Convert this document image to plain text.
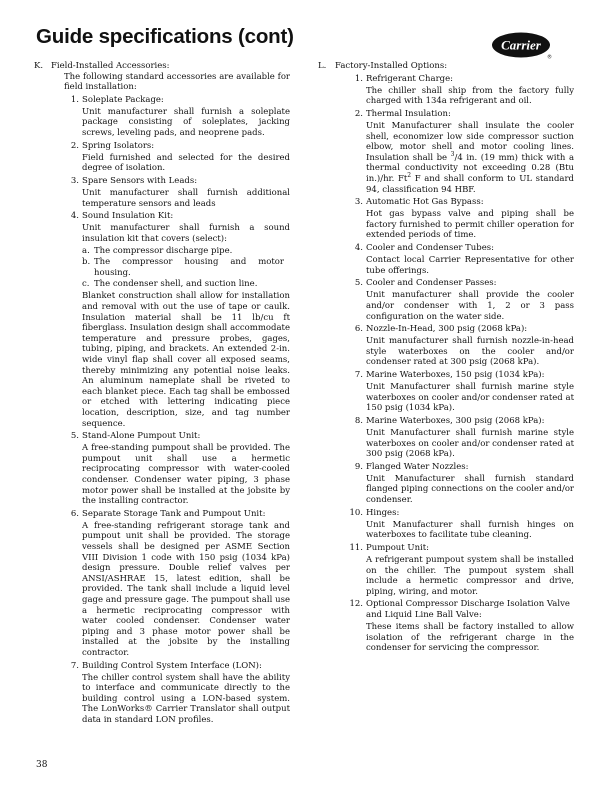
Guide specifications (cont)	Carrier
®
K. Field-Installed Accessories:
The following standard accessories are available for field installation:
1. Soleplate Package:
Unit manufacturer shall furnish a soleplate package consisting of soleplates, jacking screws, leveling pads, and neoprene pads.
2. Spring Isolators:
Field furnished and selected for the desired degree of isolation.
3. Spare Sensors with Leads:
Unit manufacturer shall furnish additional temperature sensors and leads
4. Sound Insulation Kit:
Unit manufacturer shall furnish a sound insulation kit that covers (select):
a. The compressor discharge pipe.
b. The compressor housing and motor housing.
c. The condenser shell, and suction line.
Blanket construction shall allow for installation and removal with out the use of tape or caulk. Insulation material shall be 11 lb/cu ft fiberglass. Insulation design shall accommodate temperature and pressure probes, gages, tubing, piping, and brackets. An extended 2-in. wide vinyl flap shall cover all exposed seams, thereby minimizing any potential noise leaks. An aluminum nameplate shall be riveted to each blanket piece. Each tag shall be embossed or etched with lettering indicating piece location, description, size, and tag number sequence.
5. Stand-Alone Pumpout Unit:
A free-standing pumpout shall be provided. The pumpout unit shall use a hermetic reciprocating compressor with water-cooled condenser. Condenser water piping, 3 phase motor power shall be installed at the jobsite by the installing contractor.
6. Separate Storage Tank and Pumpout Unit:
A free-standing refrigerant storage tank and pumpout unit shall be provided. The storage vessels shall be designed per ASME Section VIII Division 1 code with 150 psig (1034 kPa) design pressure. Double relief valves per ANSI/ASHRAE 15, latest edition, shall be provided. The tank shall include a liquid level gage and pressure gage. The pumpout shall use a hermetic reciprocating compressor with water cooled condenser. Condenser water piping and 3 phase motor power shall be installed at the jobsite by the installing contractor.
7. Building Control System Interface (LON):
The chiller control system shall have the ability to interface and communicate directly to the building control using a LON-based system. The LonWorks® Carrier Translator shall output data in standard LON profiles.
L. Factory-Installed Options:
1. Refrigerant Charge:
The chiller shall ship from the factory fully charged with 134a refrigerant and oil.
2. Thermal Insulation:
Unit Manufacturer shall insulate the cooler shell, economizer low side compressor suction elbow, motor shell and motor cooling lines. Insulation shall be $^3$/4 in. (19 mm) thick with a thermal conductivity not exceeding 0.28 (Btu in.)/hr. Ft$^2$ F and shall conform to UL standard 94, classification 94 HBF.
3. Automatic Hot Gas Bypass:
Hot gas bypass valve and piping shall be factory furnished to permit chiller operation for extended periods of time.
4. Cooler and Condenser Tubes:
Contact local Carrier Representative for other tube offerings.
5. Cooler and Condenser Passes:
Unit manufacturer shall provide the cooler and/or condenser with 1, 2 or 3 pass configuration on the water side.
6. Nozzle-In-Head, 300 psig (2068 kPa):
Unit manufacturer shall furnish nozzle-in-head style waterboxes on the cooler and/or condenser rated at 300 psig (2068 kPa).
7. Marine Waterboxes, 150 psig (1034 kPa):
Unit Manufacturer shall furnish marine style waterboxes on cooler and/or condenser rated at 150 psig (1034 kPa).
8. Marine Waterboxes, 300 psig (2068 kPa):
Unit Manufacturer shall furnish marine style waterboxes on cooler and/or condenser rated at 300 psig (2068 kPa).
9. Flanged Water Nozzles:
Unit Manufacturer shall furnish standard flanged piping connections on the cooler and/or condenser.
10. Hinges:
Unit Manufacturer shall furnish hinges on waterboxes to facilitate tube cleaning.
11. Pumpout Unit:
A refrigerant pumpout system shall be installed on the chiller. The pumpout system shall include a hermetic compressor and drive, piping, wiring, and motor.
12. Optional Compressor Discharge Isolation Valve and Liquid Line Ball Valve:
These items shall be factory installed to allow isolation of the refrigerant charge in the condenser for servicing the compressor.
38
